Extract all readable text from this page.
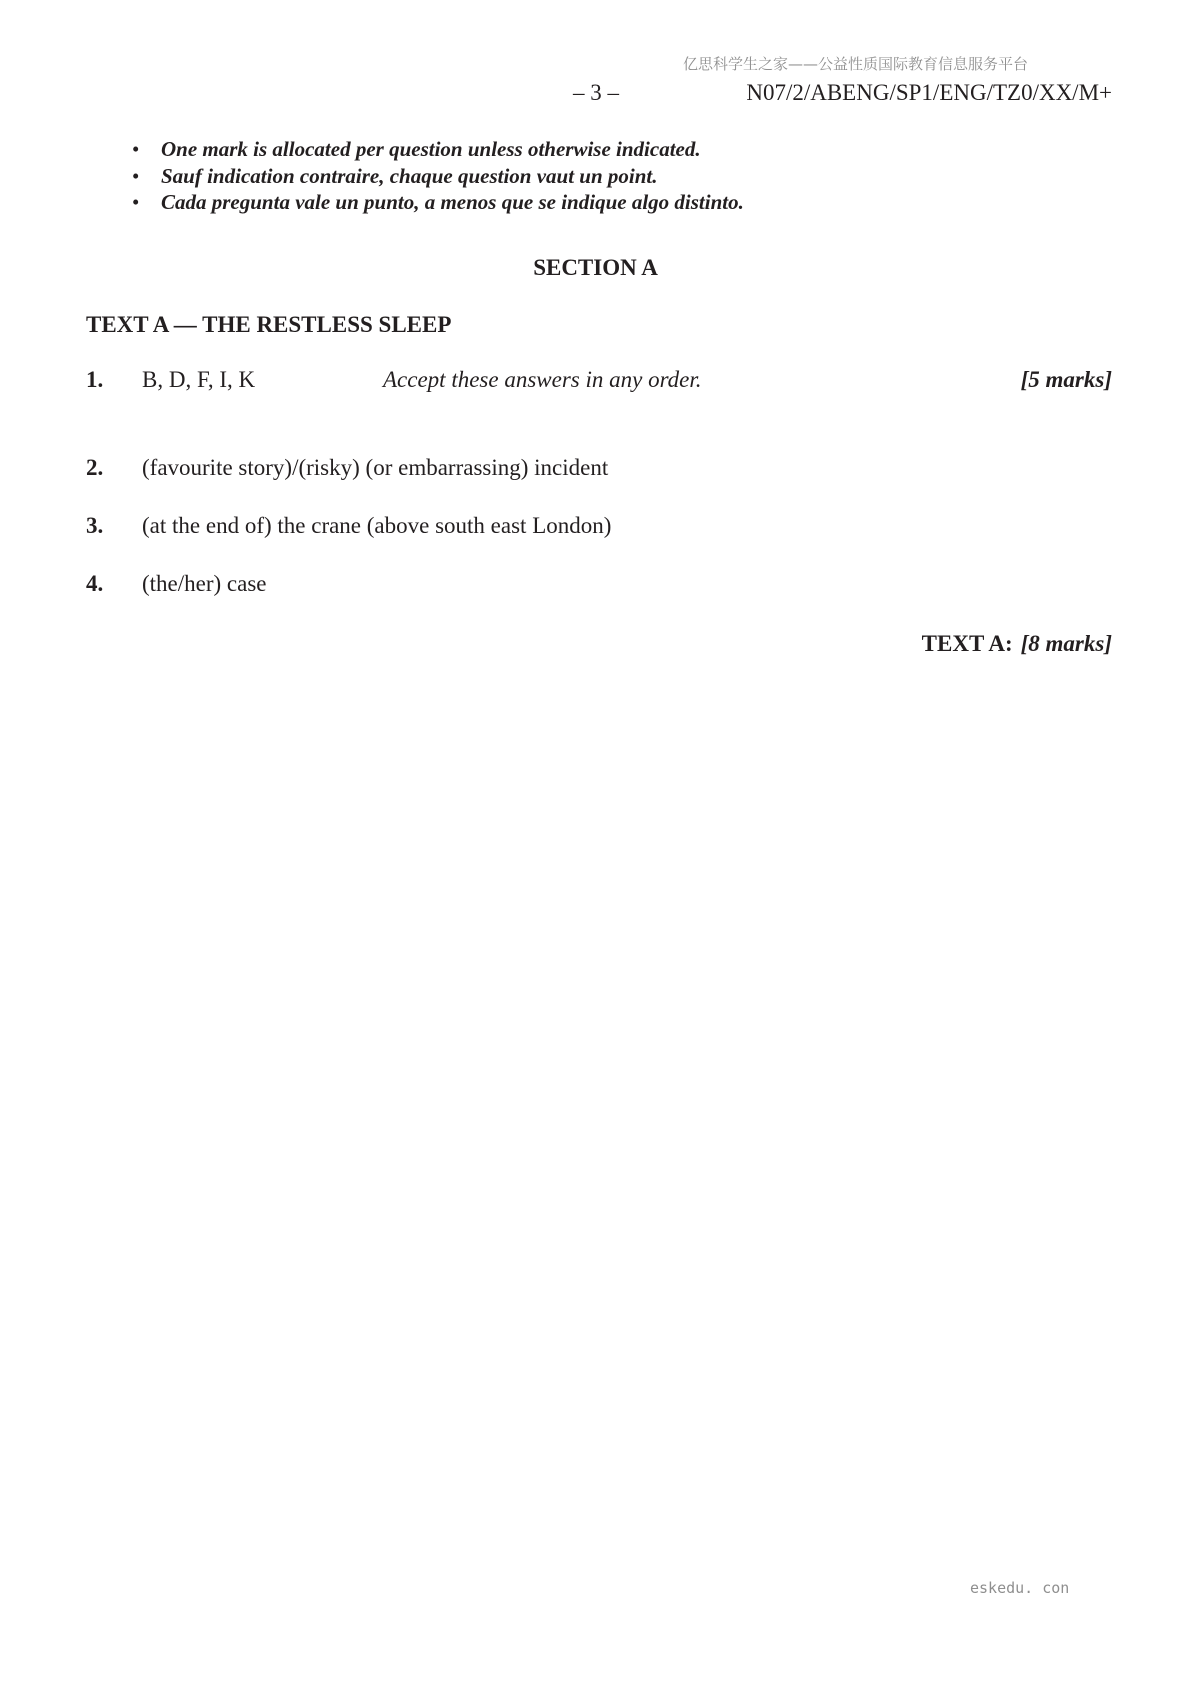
亿思科学生之家——公益性质国际教育信息服务平台
– 3 –	N07/2/ABENG/SP1/ENG/TZ0/XX/M+
• One mark is allocated per question unless otherwise indicated.
• Sauf indication contraire, chaque question vaut un point.
• Cada pregunta vale un punto, a menos que se indique algo distinto.
SECTION A
TEXT A — THE RESTLESS SLEEP
1. B, D, F, I, K	Accept these answers in any order.	[5 marks]
2. (favourite story)/(risky) (or embarrassing) incident
3. (at the end of) the crane (above south east London)
4. (the/her) case
TEXT A: [8 marks]
eskedu. con
